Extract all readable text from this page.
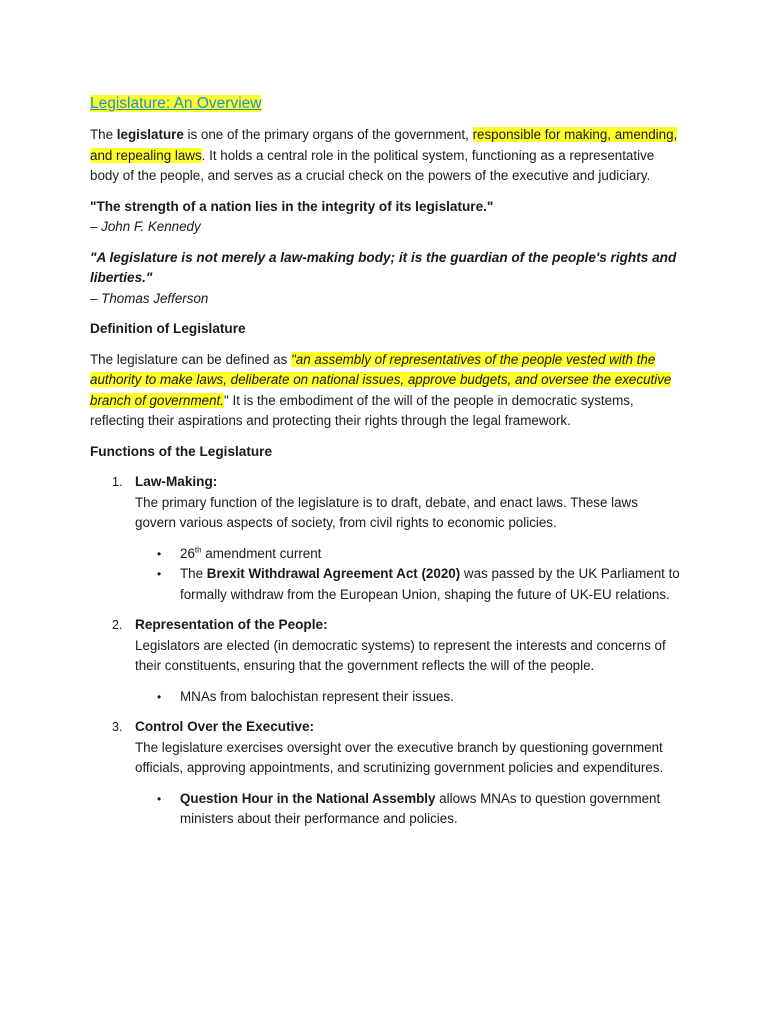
Legislature: An Overview

The legislature is one of the primary organs of the government, responsible for making, amending, and repealing laws. It holds a central role in the political system, functioning as a representative body of the people, and serves as a crucial check on the powers of the executive and judiciary.

"The strength of a nation lies in the integrity of its legislature."

– John F. Kennedy

"A legislature is not merely a law-making body; it is the guardian of the people's rights and liberties."

– Thomas Jefferson

Definition of Legislature

The legislature can be defined as "an assembly of representatives of the people vested with the authority to make laws, deliberate on national issues, approve budgets, and oversee the executive branch of government." It is the embodiment of the will of the people in democratic systems, reflecting their aspirations and protecting their rights through the legal framework.

Functions of the Legislature

1. Law-Making:
The primary function of the legislature is to draft, debate, and enact laws. These laws govern various aspects of society, from civil rights to economic policies.
• 26th amendment current
• The Brexit Withdrawal Agreement Act (2020) was passed by the UK Parliament to formally withdraw from the European Union, shaping the future of UK-EU relations.
2. Representation of the People:
Legislators are elected (in democratic systems) to represent the interests and concerns of their constituents, ensuring that the government reflects the will of the people.
• MNAs from balochistan represent their issues.
3. Control Over the Executive:
The legislature exercises oversight over the executive branch by questioning government officials, approving appointments, and scrutinizing government policies and expenditures.
• Question Hour in the National Assembly allows MNAs to question government ministers about their performance and policies.
